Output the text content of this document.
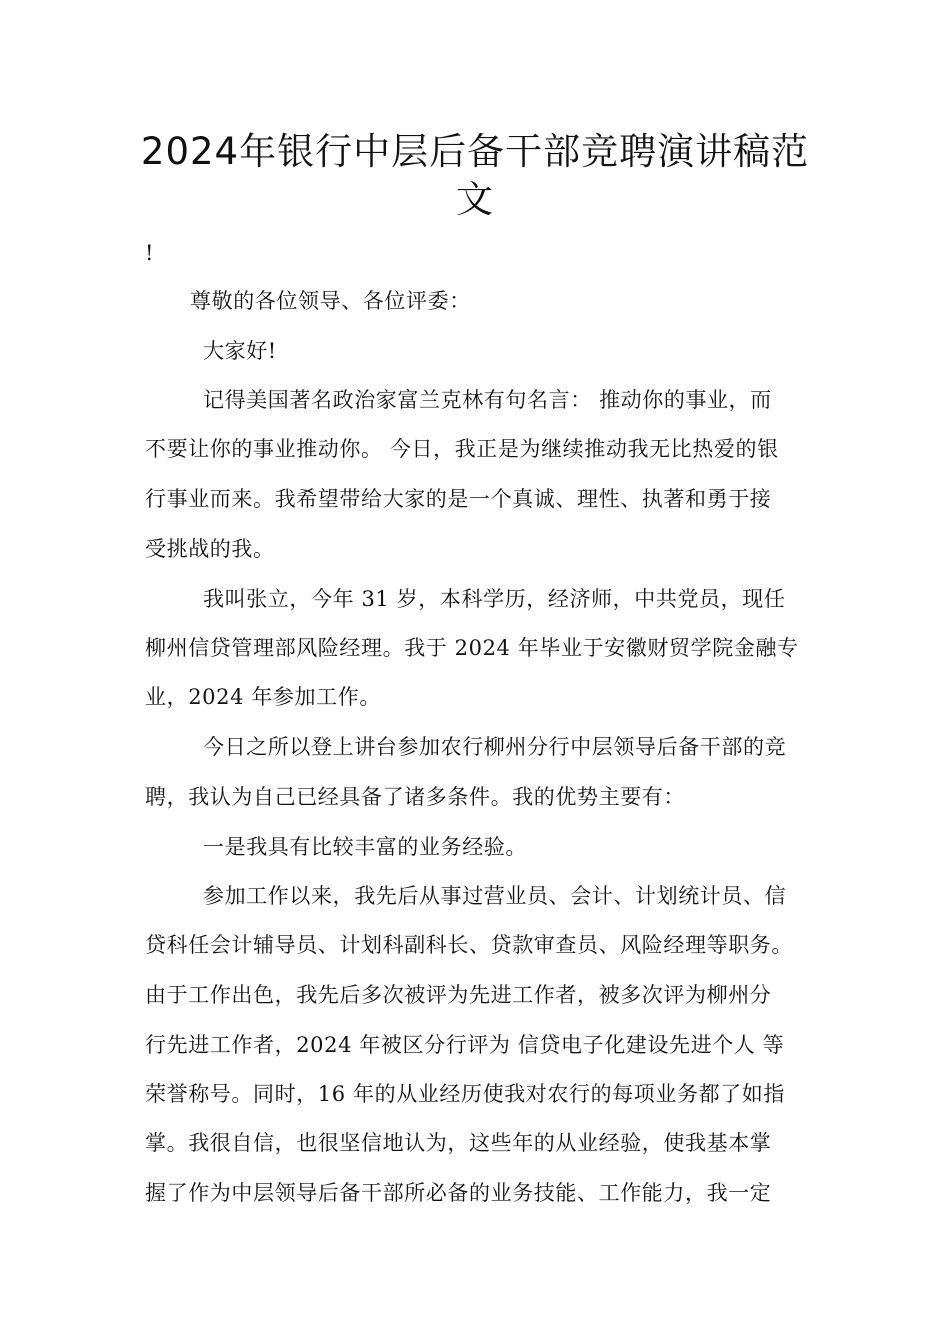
2024年银行中层后备干部竞聘演讲稿范
文

!

尊敬的各位领导、各位评委：

大家好!

记得美国著名政治家富兰克林有句名言： 推动你的事业，而

不要让你的事业推动你。 今日，我正是为继续推动我无比热爱的银

行事业而来。我希望带给大家的是一个真诚、理性、执著和勇于接

受挑战的我。

我叫张立，今年 31 岁，本科学历，经济师，中共党员，现任

柳州信贷管理部风险经理。我于 2024 年毕业于安徽财贸学院金融专

业，2024 年参加工作。

今日之所以登上讲台参加农行柳州分行中层领导后备干部的竞

聘，我认为自己已经具备了诸多条件。我的优势主要有：

一是我具有比较丰富的业务经验。

参加工作以来，我先后从事过营业员、会计、计划统计员、信

贷科任会计辅导员、计划科副科长、贷款审查员、风险经理等职务。

由于工作出色，我先后多次被评为先进工作者，被多次评为柳州分

行先进工作者，2024 年被区分行评为 信贷电子化建设先进个人 等

荣誉称号。同时，16 年的从业经历使我对农行的每项业务都了如指

掌。我很自信，也很坚信地认为，这些年的从业经验，使我基本掌

握了作为中层领导后备干部所必备的业务技能、工作能力，我一定
